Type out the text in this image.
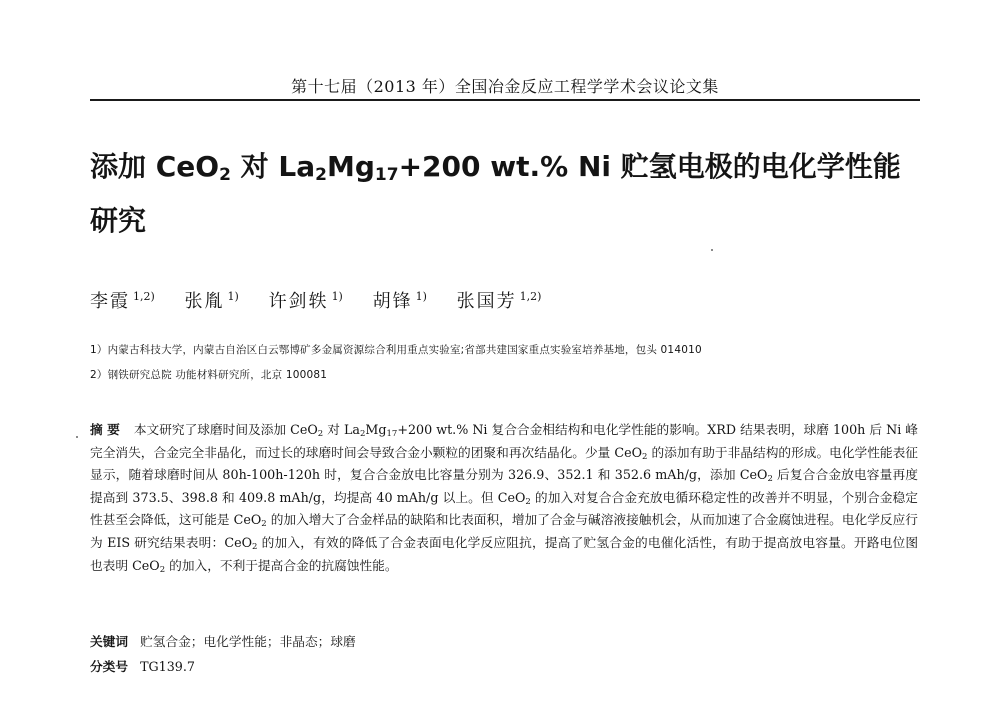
第十七届（2013 年）全国冶金反应工程学学术会议论文集
添加 CeO$_2$ 对 $La_2Mg_{17}+200$ wt.% Ni 贮氢电极的电化学性能研究
李霞 $^{1,2)}$ 张胤 $^{1)}$ 许剑轶 $^{1)}$ 胡锋 $^{1)}$ 张国芳 $^{1,2)}$
1）内蒙古科技大学，内蒙古自治区白云鄂博矿多金属资源综合利用重点实验室;省部共建国家重点实验室培养基地，包头 014010
2）钢铁研究总院 功能材料研究所，北京 100081

摘 要 本文研究了球磨时间及添加 CeO$_2$ 对 $La_2Mg_{17}+200$ wt.% Ni 复合合金相结构和电化学性能的影响。XRD 结果表明，球磨 100h 后 Ni 峰完全消失，合金完全非晶化，而过长的球磨时间会导致合金小颗粒的团聚和再次结晶化。少量 CeO$_2$ 的添加有助于非晶结构的形成。电化学性能表征显示，随着球磨时间从 80h-100h-120h 时，复合合金放电比容量分别为 326.9、352.1 和 352.6 mAh/g，添加 CeO$_2$ 后复合合金放电容量再度提高到 373.5、398.8 和 409.8 mAh/g，均提高 40 mAh/g 以上。但 CeO$_2$ 的加入对复合合金充放电循环稳定性的改善并不明显，个别合金稳定性甚至会降低，这可能是 CeO$_2$ 的加入增大了合金样品的缺陷和比表面积，增加了合金与碱溶液接触机会，从而加速了合金腐蚀进程。电化学反应行为 EIS 研究结果表明：CeO$_2$ 的加入，有效的降低了合金表面电化学反应阻抗，提高了贮氢合金的电催化活性，有助于提高放电容量。开路电位图也表明 CeO$_2$ 的加入，不利于提高合金的抗腐蚀性能。

关键词 贮氢合金；电化学性能；非晶态；球磨
分类号 TG139.7
